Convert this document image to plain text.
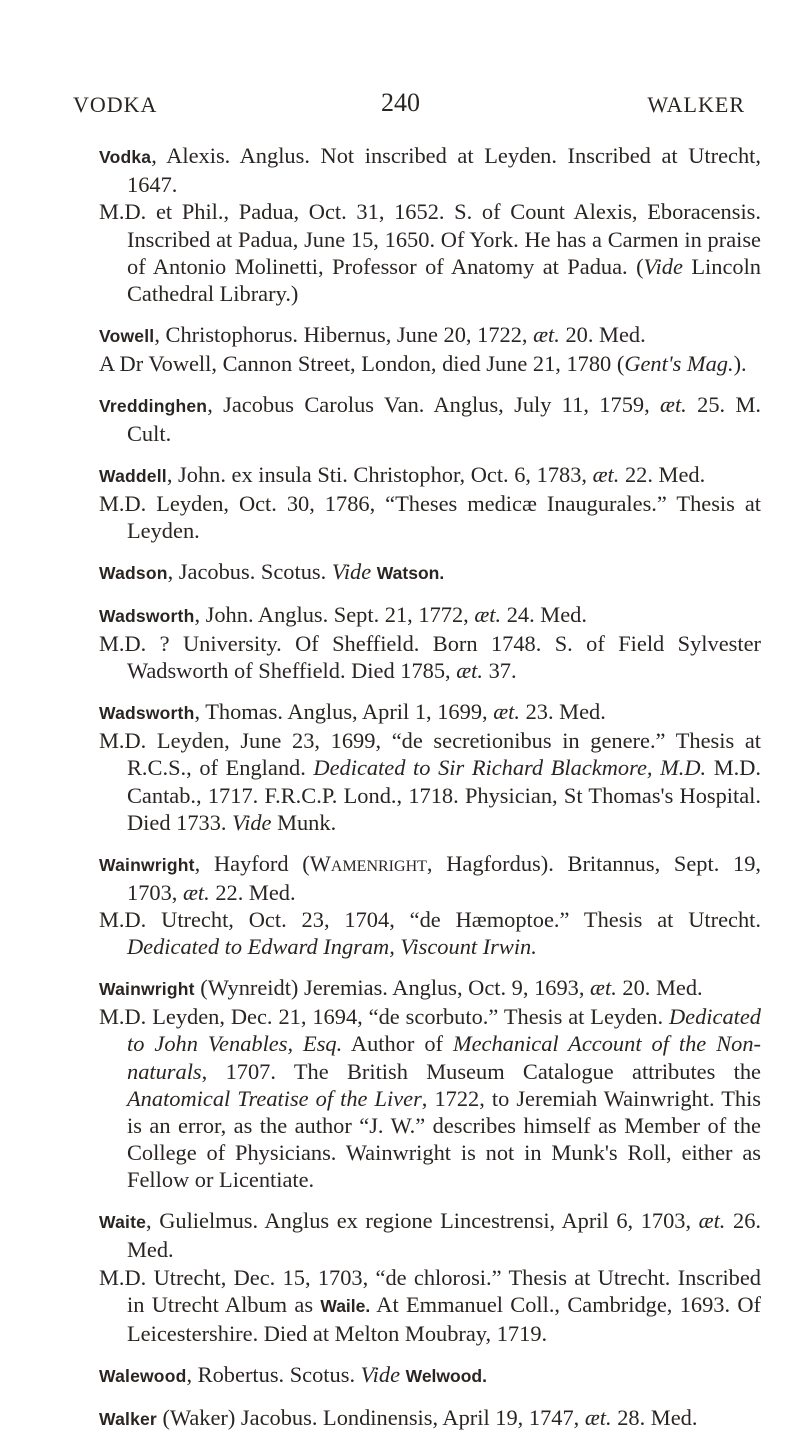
VODKA	240	WALKER
Vodka, Alexis. Anglus. Not inscribed at Leyden. Inscribed at Utrecht, 1647.
M.D. et Phil., Padua, Oct. 31, 1652. S. of Count Alexis, Eboracensis. Inscribed at Padua, June 15, 1650. Of York. He has a Carmen in praise of Antonio Molinetti, Professor of Anatomy at Padua. (Vide Lincoln Cathedral Library.)
Vowell, Christophorus. Hibernus, June 20, 1722, æt. 20. Med.
A Dr Vowell, Cannon Street, London, died June 21, 1780 (Gent's Mag.).
Vreddinghen, Jacobus Carolus Van. Anglus, July 11, 1759, æt. 25. M. Cult.
Waddell, John. ex insula Sti. Christophor, Oct. 6, 1783, æt. 22. Med.
M.D. Leyden, Oct. 30, 1786, “Theses medicæ Inaugurales.” Thesis at Leyden.
Wadson, Jacobus. Scotus. Vide Watson.
Wadsworth, John. Anglus. Sept. 21, 1772, æt. 24. Med.
M.D. ? University. Of Sheffield. Born 1748. S. of Field Sylvester Wadsworth of Sheffield. Died 1785, æt. 37.
Wadsworth, Thomas. Anglus, April 1, 1699, æt. 23. Med.
M.D. Leyden, June 23, 1699, “de secretionibus in genere.” Thesis at R.C.S., of England. Dedicated to Sir Richard Blackmore, M.D. M.D. Cantab., 1717. F.R.C.P. Lond., 1718. Physician, St Thomas's Hospital. Died 1733. Vide Munk.
Wainwright, Hayford (Wamenright, Hagfordus). Britannus, Sept. 19, 1703, æt. 22. Med.
M.D. Utrecht, Oct. 23, 1704, “de Hæmoptoe.” Thesis at Utrecht. Dedicated to Edward Ingram, Viscount Irwin.
Wainwright (Wynreidt) Jeremias. Anglus, Oct. 9, 1693, æt. 20. Med.
M.D. Leyden, Dec. 21, 1694, “de scorbuto.” Thesis at Leyden. Dedicated to John Venables, Esq. Author of Mechanical Account of the Non-naturals, 1707. The British Museum Catalogue attributes the Anatomical Treatise of the Liver, 1722, to Jeremiah Wainwright. This is an error, as the author “J. W.” describes himself as Member of the College of Physicians. Wainwright is not in Munk's Roll, either as Fellow or Licentiate.
Waite, Gulielmus. Anglus ex regione Lincestrensi, April 6, 1703, æt. 26. Med.
M.D. Utrecht, Dec. 15, 1703, “de chlorosi.” Thesis at Utrecht. Inscribed in Utrecht Album as Waile. At Emmanuel Coll., Cambridge, 1693. Of Leicestershire. Died at Melton Moubray, 1719.
Walewood, Robertus. Scotus. Vide Welwood.
Walker (Waker) Jacobus. Londinensis, April 19, 1747, æt. 28. Med.
